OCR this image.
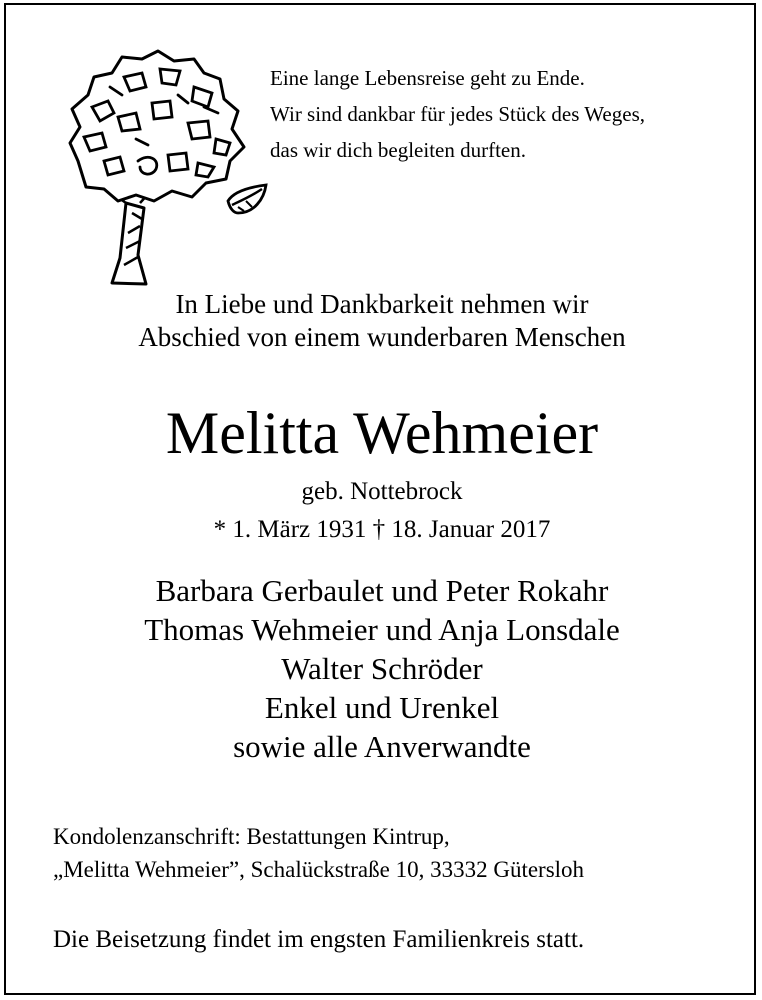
Eine lange Lebensreise geht zu Ende.
Wir sind dankbar für jedes Stück des Weges,
das wir dich begleiten durften.
In Liebe und Dankbarkeit nehmen wir
Abschied von einem wunderbaren Menschen
Melitta Wehmeier
geb. Nottebrock
* 1. März 1931 † 18. Januar 2017
Barbara Gerbaulet und Peter Rokahr
Thomas Wehmeier und Anja Lonsdale
Walter Schröder
Enkel und Urenkel
sowie alle Anverwandte
Kondolenzanschrift: Bestattungen Kintrup,
„Melitta Wehmeier”, Schalückstraße 10, 33332 Gütersloh
Die Beisetzung findet im engsten Familienkreis statt.
